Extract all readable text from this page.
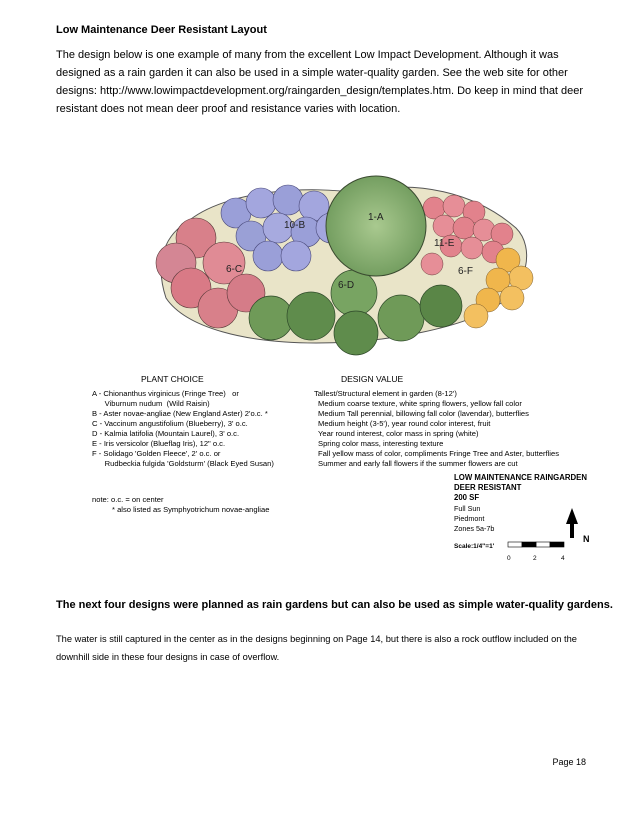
Low Maintenance Deer Resistant Layout
The design below is one example of many from the excellent Low Impact Development. Although it was designed as a rain garden it can also be used in a simple water-quality garden. See the web site for other designs: http://www.lowimpactdevelopment.org/raingarden_design/templates.htm. Do keep in mind that deer resistant does not mean deer proof and resistance varies with location.
1-A
10-B
6-C
6-D
11-E
6-F
PLANT CHOICE	DESIGN VALUE
A - Chionanthus virginicus (Fringe Tree)   or	Tallest/Structural element in garden (8-12')
Viburnum nudum  (Wild Raisin)	Medium coarse texture, white spring flowers, yellow fall color
B - Aster novae-angliae (New England Aster) 2'o.c. *	Medium Tall perennial, billowing fall color (lavendar), butterflies
C - Vaccinum angustifolium (Blueberry), 3' o.c.	Medium height (3-5'), year round color interest, fruit
D - Kalmia latifolia (Mountain Laurel), 3' o.c.	Year round interest, color mass in spring (white)
E - Iris versicolor (Blueflag Iris), 12" o.c.	Spring color mass, interesting texture
F - Solidago 'Golden Fleece', 2' o.c. or	Fall yellow mass of color, compliments Fringe Tree and Aster, butterflies
Rudbeckia fulgida 'Goldsturm' (Black Eyed Susan)	Summer and early fall flowers if the summer flowers are cut
note: o.c. = on center
* also listed as Symphyotrichum novae-angliae
LOW MAINTENANCE RAINGARDEN
DEER RESISTANT
200 SF
Full Sun
Piedmont
Zones 5a-7b
N
Scale:1/4"=1'
0	2	4
The next four designs were planned as rain gardens but can also be used as simple water-quality gardens.
The water is still captured in the center as in the designs beginning on Page 14, but there is also a rock outflow included on the downhill side in these four designs in case of overflow.
Page 18
